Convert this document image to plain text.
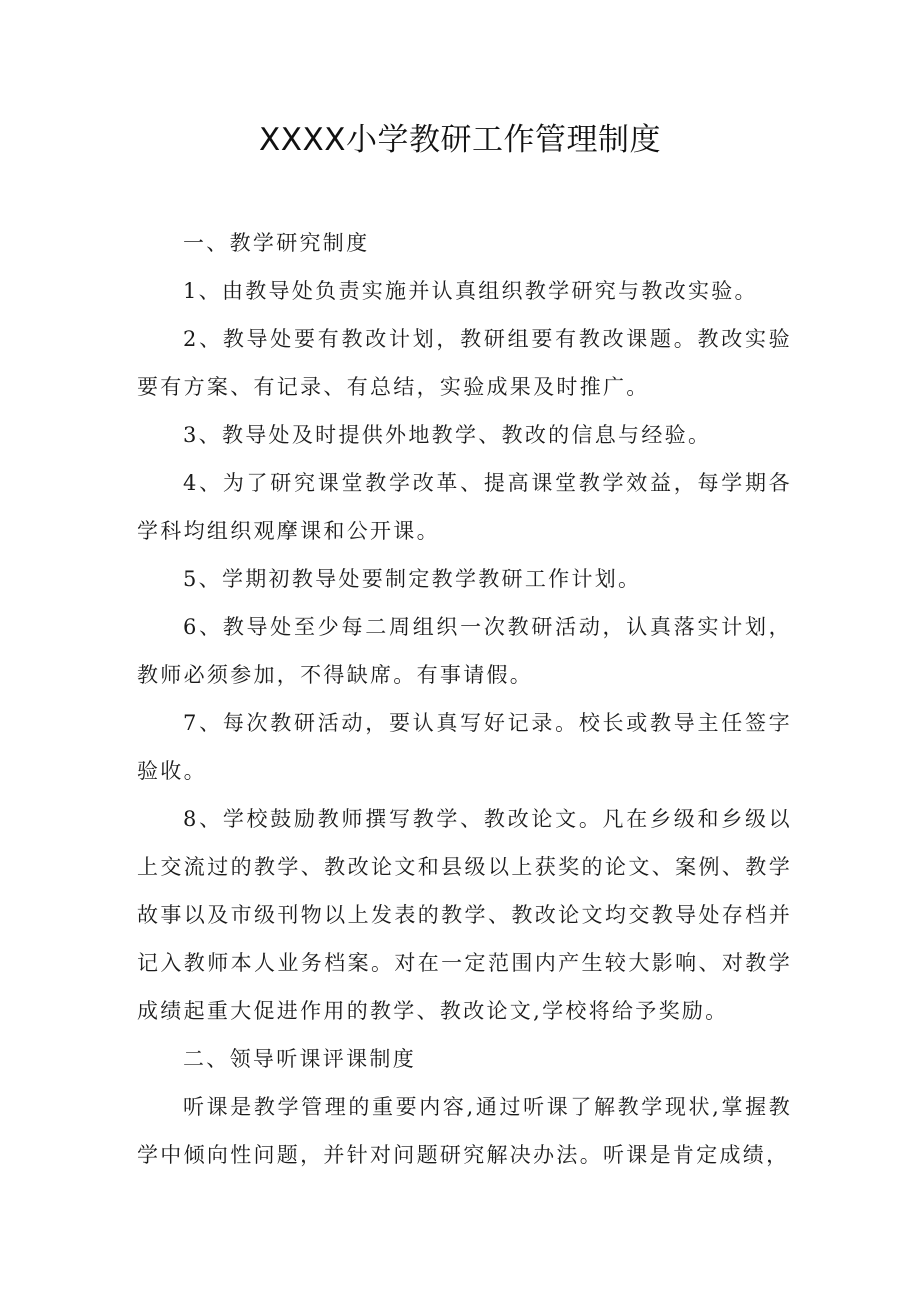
XXXX小学教研工作管理制度

一、教学研究制度

1、由教导处负责实施并认真组织教学研究与教改实验。

2、教导处要有教改计划，教研组要有教改课题。教改实验要有方案、有记录、有总结，实验成果及时推广。

3、教导处及时提供外地教学、教改的信息与经验。

4、为了研究课堂教学改革、提高课堂教学效益，每学期各学科均组织观摩课和公开课。

5、学期初教导处要制定教学教研工作计划。

6、教导处至少每二周组织一次教研活动，认真落实计划，教师必须参加，不得缺席。有事请假。

7、每次教研活动，要认真写好记录。校长或教导主任签字验收。

8、学校鼓励教师撰写教学、教改论文。凡在乡级和乡级以上交流过的教学、教改论文和县级以上获奖的论文、案例、教学故事以及市级刊物以上发表的教学、教改论文均交教导处存档并记入教师本人业务档案。对在一定范围内产生较大影响、对教学成绩起重大促进作用的教学、教改论文,学校将给予奖励。

二、领导听课评课制度

听课是教学管理的重要内容,通过听课了解教学现状,掌握教学中倾向性问题，并针对问题研究解决办法。听课是肯定成绩，
